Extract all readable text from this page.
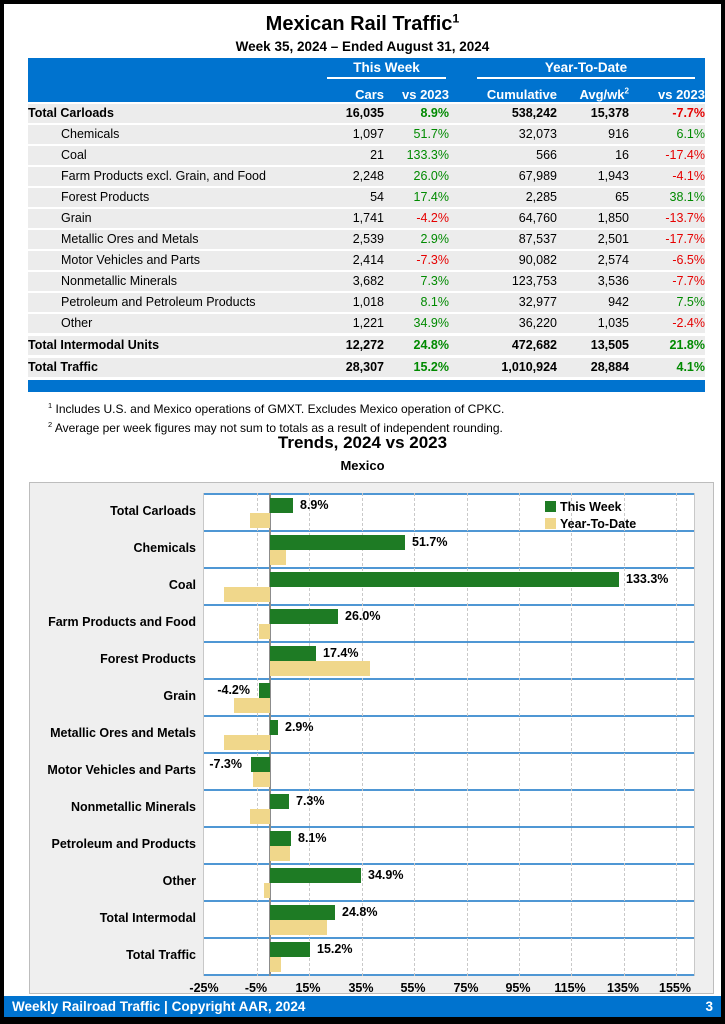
Mexican Rail Traffic$^1$
Week 35, 2024 – Ended August 31, 2024

	This Week		Year-To-Date		

	Cars	vs 2023	Cumulative	Avg/$wk^2$	vs 2023
Total Carloads	16,035	8.9%	538,242	15,378	-7.7%
Chemicals	1,097	51.7%	32,073	916	6.1%
Coal	21	133.3%	566	16	-17.4%
Farm Products excl. Grain, and Food	2,248	26.0%	67,989	1,943	-4.1%
Forest Products	54	17.4%	2,285	65	38.1%
Grain	1,741	-4.2%	64,760	1,850	-13.7%
Metallic Ores and Metals	2,539	2.9%	87,537	2,501	-17.7%
Motor Vehicles and Parts	2,414	-7.3%	90,082	2,574	-6.5%
Nonmetallic Minerals	3,682	7.3%	123,753	3,536	-7.7%
Petroleum and Petroleum Products	1,018	8.1%	32,977	942	7.5%
Other	1,221	34.9%	36,220	1,035	-2.4%
Total Intermodal Units	12,272	24.8%	472,682	13,505	21.8%
Total Traffic	28,307	15.2%	1,010,924	28,884	4.1%
$^1$ Includes U.S. and Mexico operations of GMXT. Excludes Mexico operation of CPKC.
$^2$ Average per week figures may not sum to totals as a result of independent rounding.
Trends, 2024 vs 2023
Mexico
This Week
Year-To-Date
8.9%
51.7%
133.3%
26.0%
17.4%
-4.2%
2.9%
-7.3%
7.3%
8.1%
34.9%
24.8%
15.2%
Total Carloads
Chemicals
Coal
Farm Products and Food
Forest Products
Grain
Metallic Ores and Metals
Motor Vehicles and Parts
Nonmetallic Minerals
Petroleum and Products
Other
Total Intermodal
Total Traffic
-25%	-5%	15%	35%	55%	75%	95%	115%	135%	155%
Weekly Railroad Traffic | Copyright AAR, 2024	3
